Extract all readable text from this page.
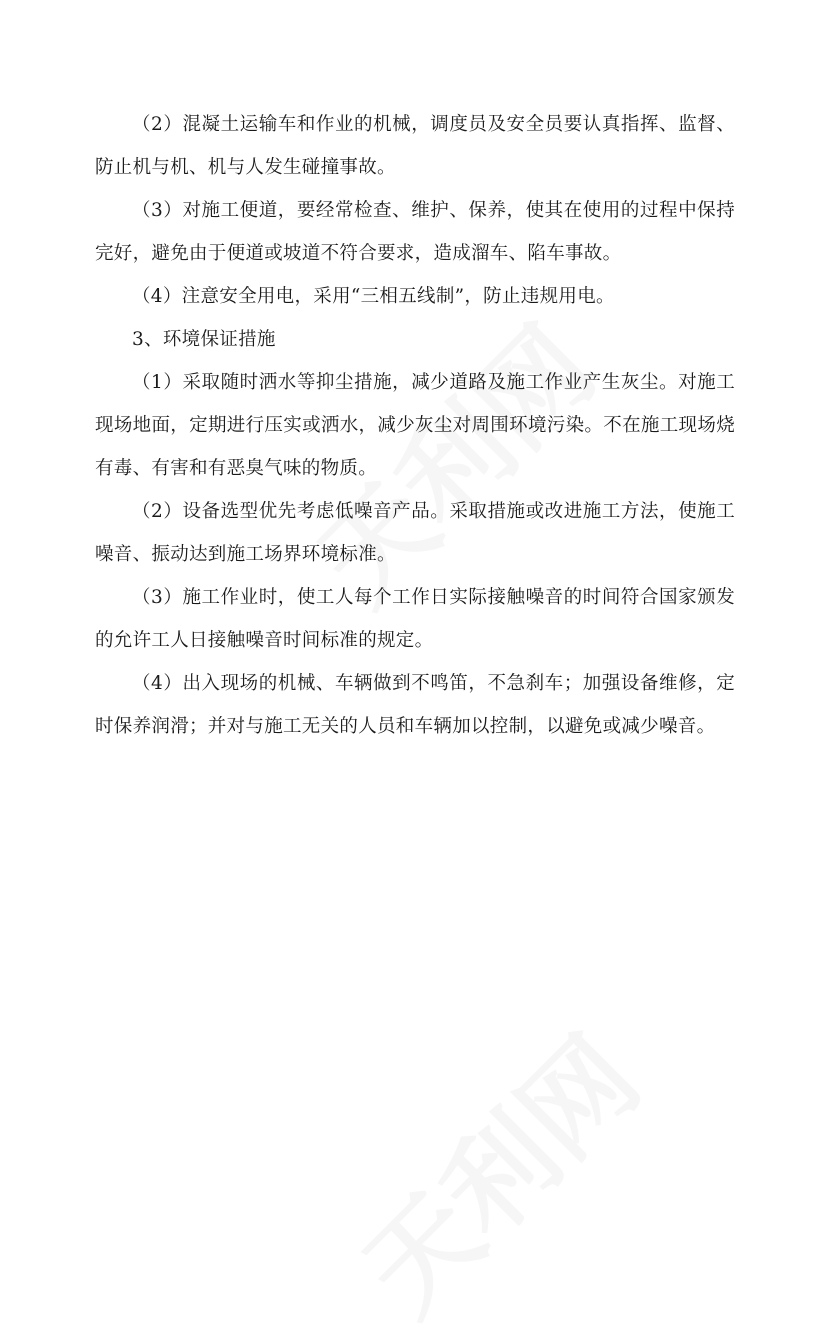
（2）混凝土运输车和作业的机械，调度员及安全员要认真指挥、监督、防止机与机、机与人发生碰撞事故。

（3）对施工便道，要经常检查、维护、保养，使其在使用的过程中保持完好，避免由于便道或坡道不符合要求，造成溜车、陷车事故。

（4）注意安全用电，采用“三相五线制”，防止违规用电。

3、环境保证措施

（1）采取随时洒水等抑尘措施，减少道路及施工作业产生灰尘。对施工现场地面，定期进行压实或洒水，减少灰尘对周围环境污染。不在施工现场烧有毒、有害和有恶臭气味的物质。

（2）设备选型优先考虑低噪音产品。采取措施或改进施工方法，使施工噪音、振动达到施工场界环境标准。

（3）施工作业时，使工人每个工作日实际接触噪音的时间符合国家颁发的允许工人日接触噪音时间标准的规定。

（4）出入现场的机械、车辆做到不鸣笛，不急刹车；加强设备维修，定时保养润滑；并对与施工无关的人员和车辆加以控制，以避免或减少噪音。
